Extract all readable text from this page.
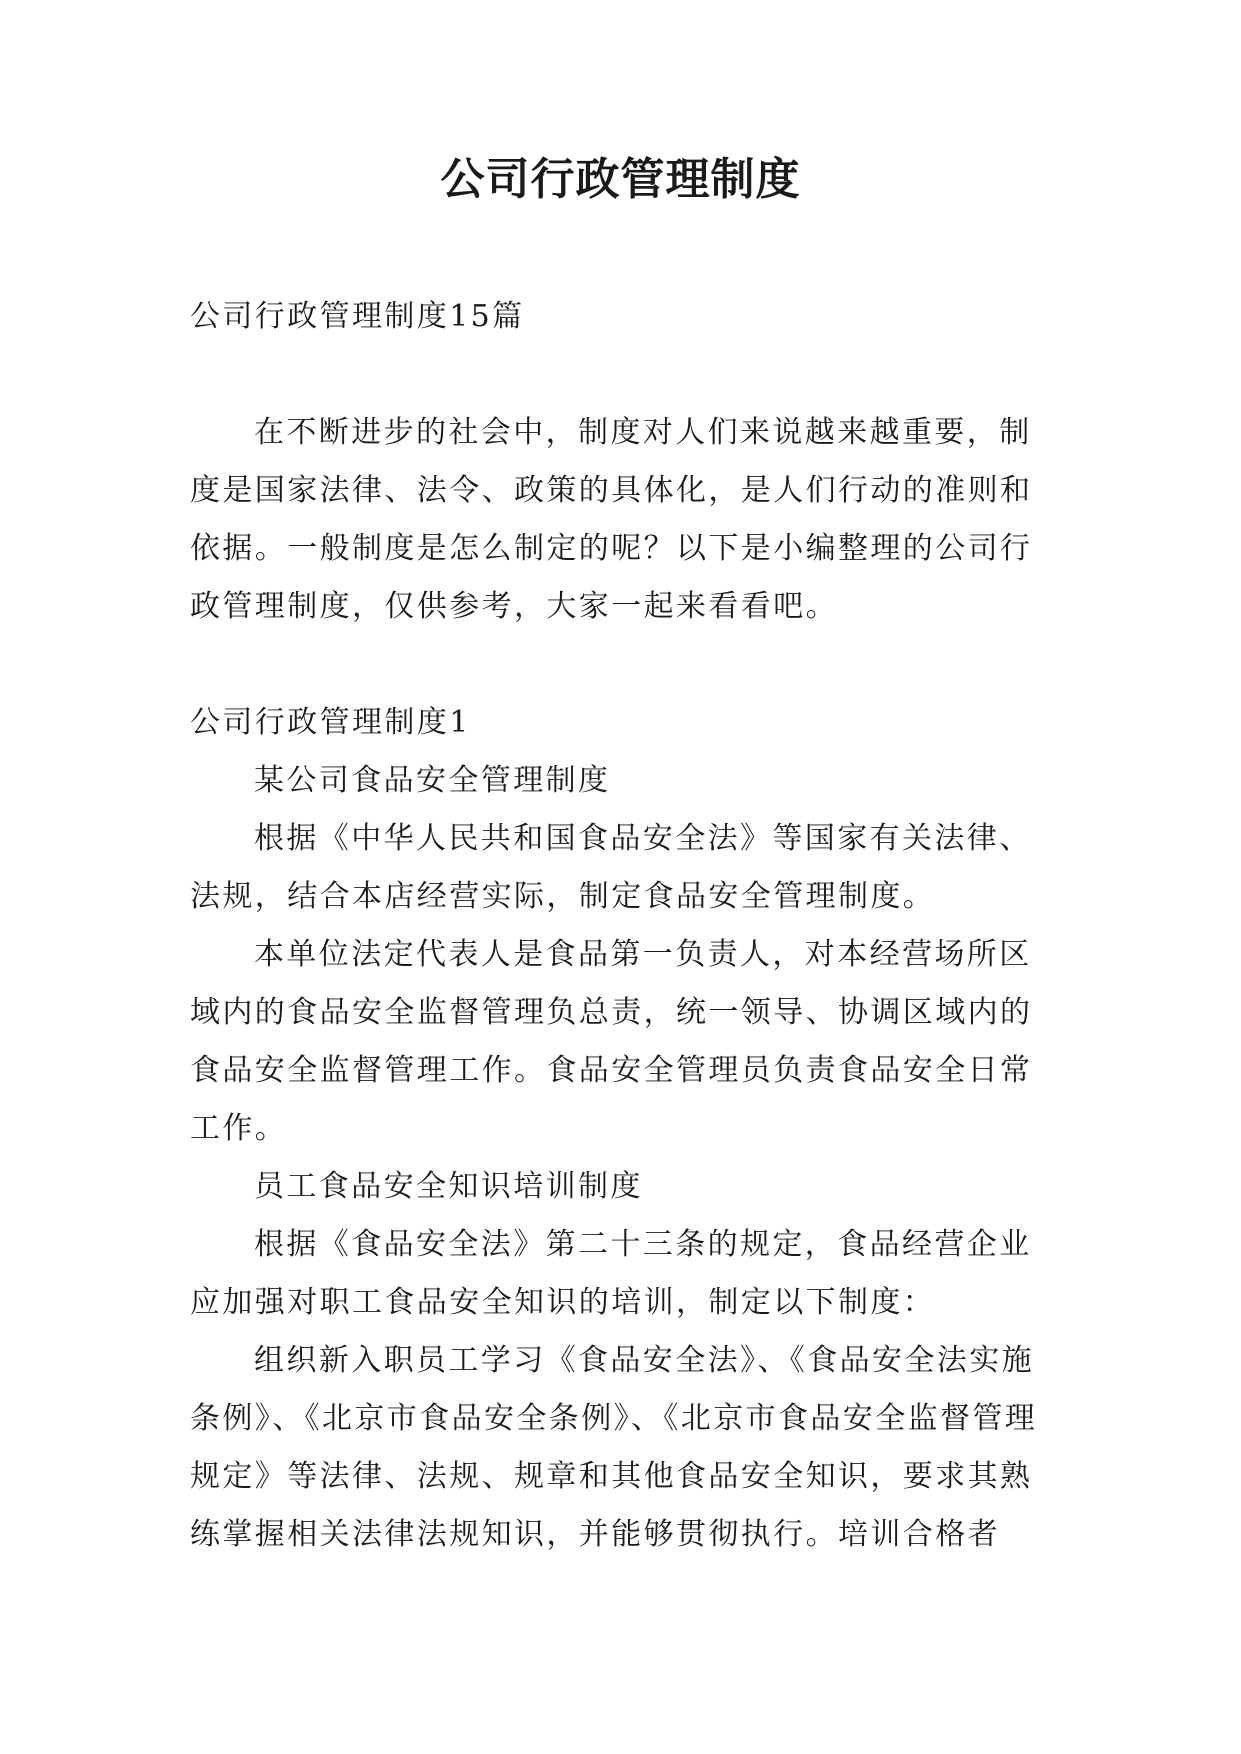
公司行政管理制度

公司行政管理制度15篇

在不断进步的社会中，制度对人们来说越来越重要，制度是国家法律、法令、政策的具体化，是人们行动的准则和依据。一般制度是怎么制定的呢？以下是小编整理的公司行政管理制度，仅供参考，大家一起来看看吧。

公司行政管理制度1

某公司食品安全管理制度

根据《中华人民共和国食品安全法》等国家有关法律、法规，结合本店经营实际，制定食品安全管理制度。

本单位法定代表人是食品第一负责人，对本经营场所区域内的食品安全监督管理负总责，统一领导、协调区域内的食品安全监督管理工作。食品安全管理员负责食品安全日常工作。

员工食品安全知识培训制度

根据《食品安全法》第二十三条的规定，食品经营企业应加强对职工食品安全知识的培训，制定以下制度：

组织新入职员工学习《食品安全法》、《食品安全法实施条例》、《北京市食品安全条例》、《北京市食品安全监督管理规定》等法律、法规、规章和其他食品安全知识，要求其熟练掌握相关法律法规知识，并能够贯彻执行。培训合格者
